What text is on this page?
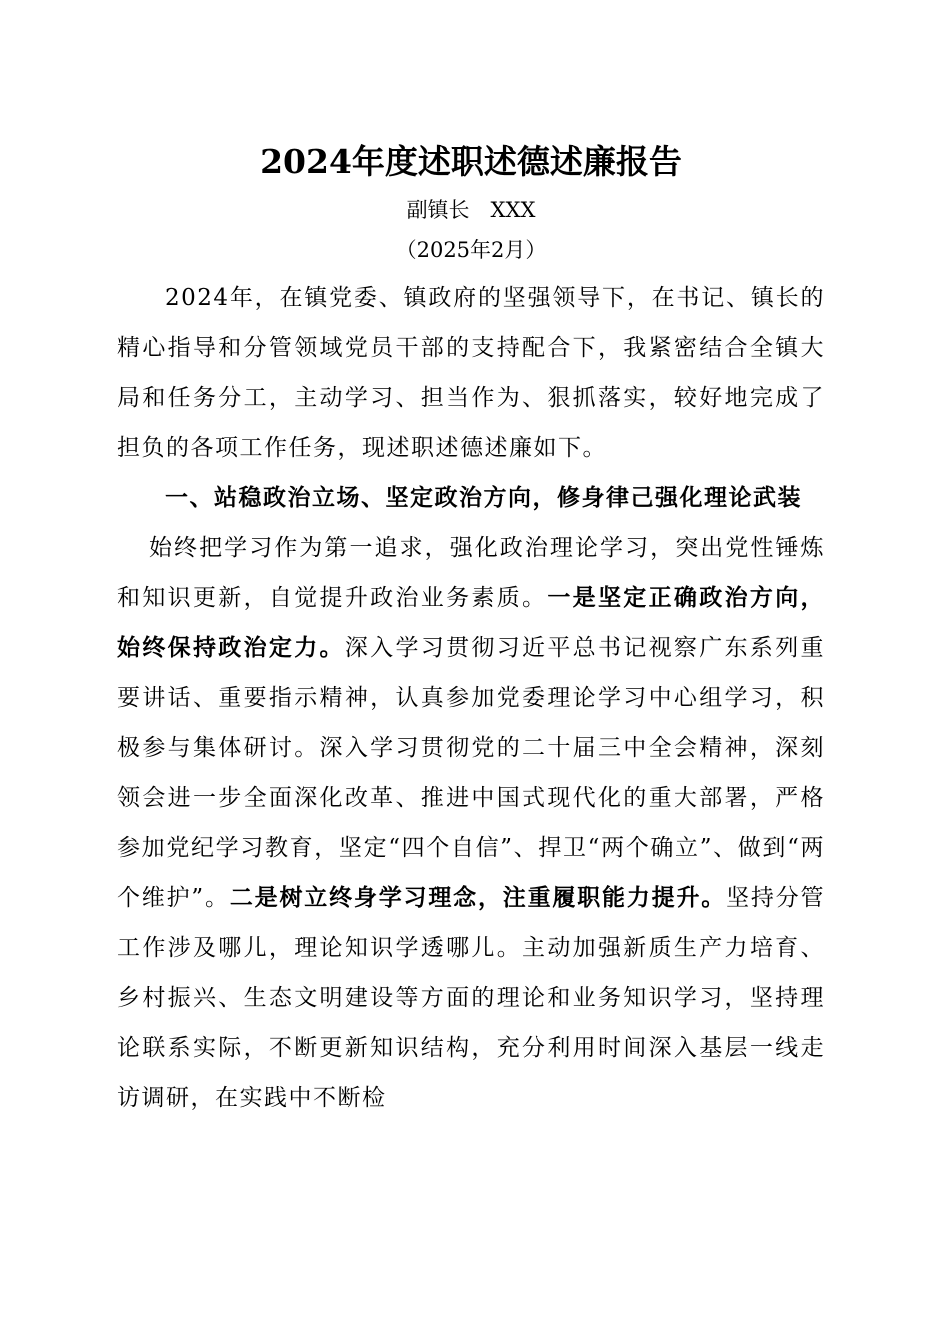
2024年度述职述德述廉报告

副镇长　XXX

（2025年2月）

2024年，在镇党委、镇政府的坚强领导下，在书记、镇长的精心指导和分管领域党员干部的支持配合下，我紧密结合全镇大局和任务分工，主动学习、担当作为、狠抓落实，较好地完成了担负的各项工作任务，现述职述德述廉如下。

一、站稳政治立场、坚定政治方向，修身律己强化理论武装

始终把学习作为第一追求，强化政治理论学习，突出党性锤炼和知识更新，自觉提升政治业务素质。一是坚定正确政治方向，始终保持政治定力。深入学习贯彻习近平总书记视察广东系列重要讲话、重要指示精神，认真参加党委理论学习中心组学习，积极参与集体研讨。深入学习贯彻党的二十届三中全会精神，深刻领会进一步全面深化改革、推进中国式现代化的重大部署，严格参加党纪学习教育，坚定“四个自信”、捍卫“两个确立”、做到“两个维护”。二是树立终身学习理念，注重履职能力提升。坚持分管工作涉及哪儿，理论知识学透哪儿。主动加强新质生产力培育、乡村振兴、生态文明建设等方面的理论和业务知识学习，坚持理论联系实际，不断更新知识结构，充分利用时间深入基层一线走访调研，在实践中不断检
